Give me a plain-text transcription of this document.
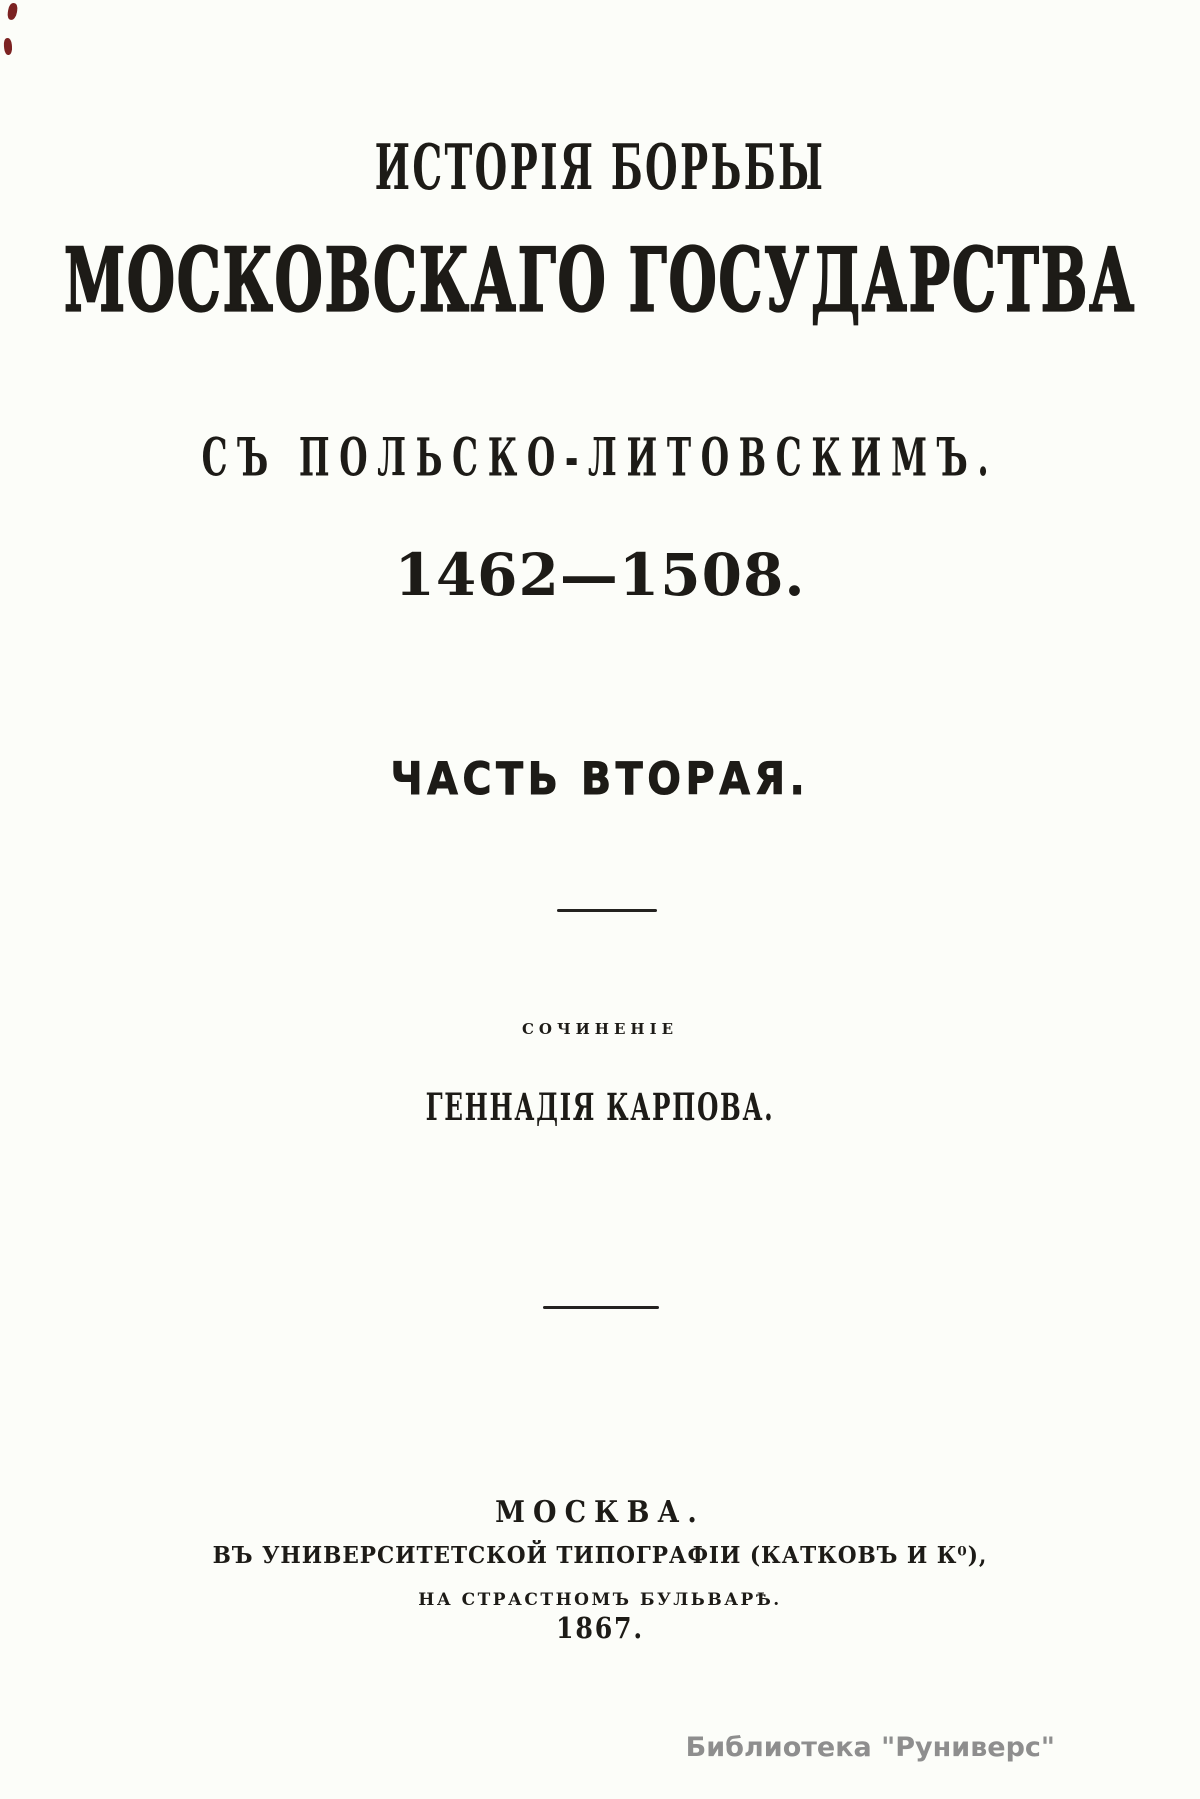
ИСТОРІЯ БОРЬБЫ
МОСКОВСКАГО ГОСУДАРСТВА
СЪ ПОЛЬСКО-ЛИТОВСКИМЪ.
1462—1508.
ЧАСТЬ ВТОРАЯ.
СОЧИНЕНІЕ
ГЕННАДІЯ КАРПОВА.
МОСКВА.
ВЪ УНИВЕРСИТЕТСКОЙ ТИПОГРАФІИ (КАТКОВЪ И К⁰),
НА СТРАСТНОМЪ БУЛЬВАРѢ.
1867.
Библиотека "Руниверс"
